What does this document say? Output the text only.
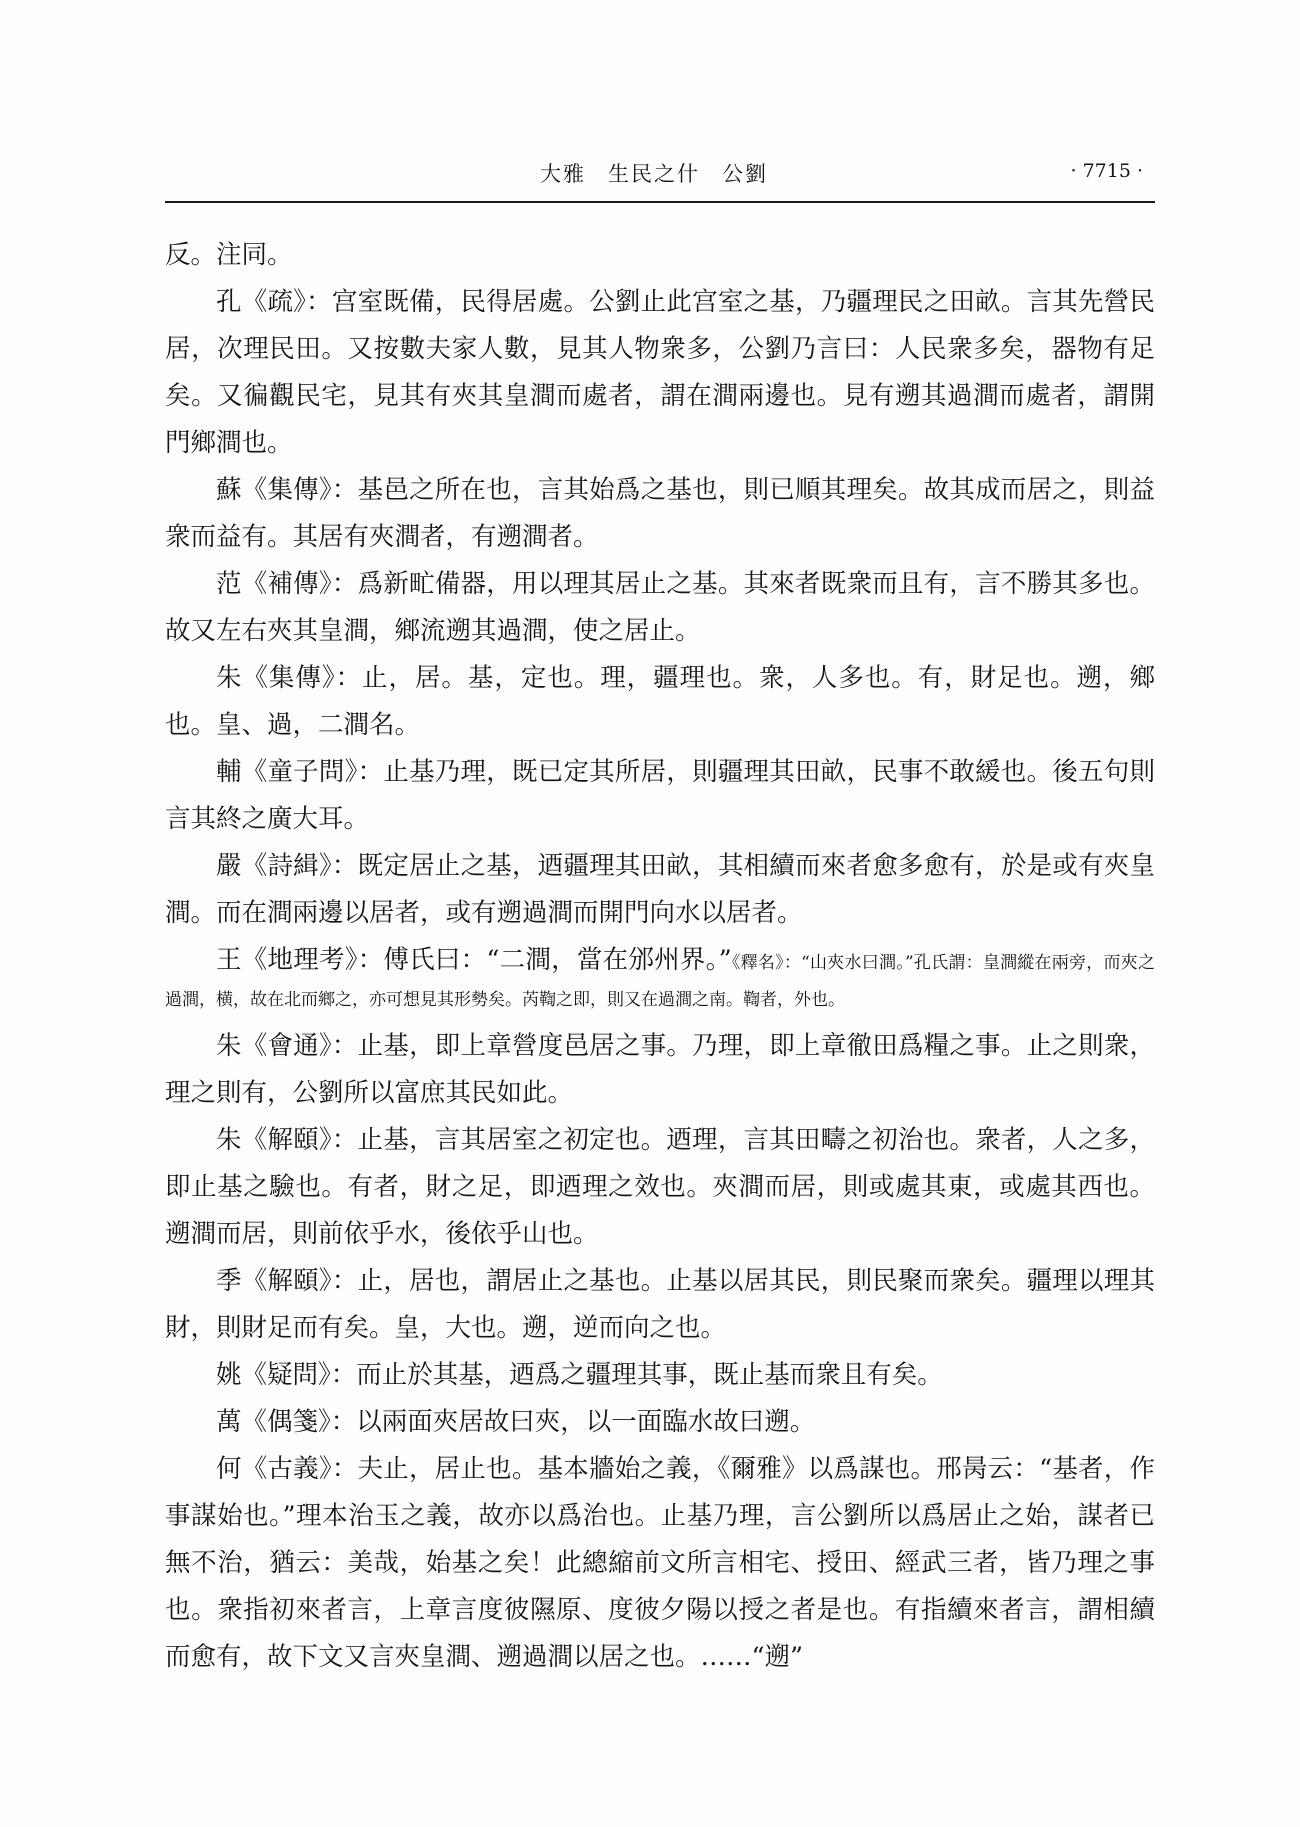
大雅 生民之什 公劉	· 7715 ·

反。注同。

孔《疏》：宫室既備，民得居處。公劉止此宫室之基，乃疆理民之田畝。言其先營民居，次理民田。又按數夫家人數，見其人物衆多，公劉乃言曰：人民衆多矣，器物有足矣。又徧觀民宅，見其有夾其皇澗而處者，謂在澗兩邊也。見有遡其過澗而處者，謂開門鄉澗也。

蘇《集傳》：基邑之所在也，言其始爲之基也，則已順其理矣。故其成而居之，則益衆而益有。其居有夾澗者，有遡澗者。

范《補傳》：爲新甿備器，用以理其居止之基。其來者既衆而且有，言不勝其多也。故又左右夾其皇澗，鄉流遡其過澗，使之居止。

朱《集傳》：止，居。基，定也。理，疆理也。衆，人多也。有，財足也。遡，鄉也。皇、過，二澗名。

輔《童子問》：止基乃理，既已定其所居，則疆理其田畝，民事不敢緩也。後五句則言其終之廣大耳。

嚴《詩緝》：既定居止之基，迺疆理其田畝，其相續而來者愈多愈有，於是或有夾皇澗。而在澗兩邊以居者，或有遡過澗而開門向水以居者。

王《地理考》：傅氏曰：“二澗，當在邠州界。”《釋名》：“山夾水曰澗。”孔氏謂：皇澗縱在兩旁，而夾之過澗，横，故在北而鄉之，亦可想見其形勢矣。芮鞫之即，則又在過澗之南。鞫者，外也。

朱《會通》：止基，即上章營度邑居之事。乃理，即上章徹田爲糧之事。止之則衆，理之則有，公劉所以富庶其民如此。

朱《解頤》：止基，言其居室之初定也。迺理，言其田疇之初治也。衆者，人之多，即止基之驗也。有者，財之足，即迺理之效也。夾澗而居，則或處其東，或處其西也。遡澗而居，則前依乎水，後依乎山也。

季《解頤》：止，居也，謂居止之基也。止基以居其民，則民聚而衆矣。疆理以理其財，則財足而有矣。皇，大也。遡，逆而向之也。

姚《疑問》：而止於其基，迺爲之疆理其事，既止基而衆且有矣。

萬《偶箋》：以兩面夾居故曰夾，以一面臨水故曰遡。

何《古義》：夫止，居止也。基本牆始之義，《爾雅》以爲謀也。邢昺云：“基者，作事謀始也。”理本治玉之義，故亦以爲治也。止基乃理，言公劉所以爲居止之始，謀者已無不治，猶云：美哉，始基之矣！此總縮前文所言相宅、授田、經武三者，皆乃理之事也。衆指初來者言，上章言度彼隰原、度彼夕陽以授之者是也。有指續來者言，謂相續而愈有，故下文又言夾皇澗、遡過澗以居之也。……“遡”
